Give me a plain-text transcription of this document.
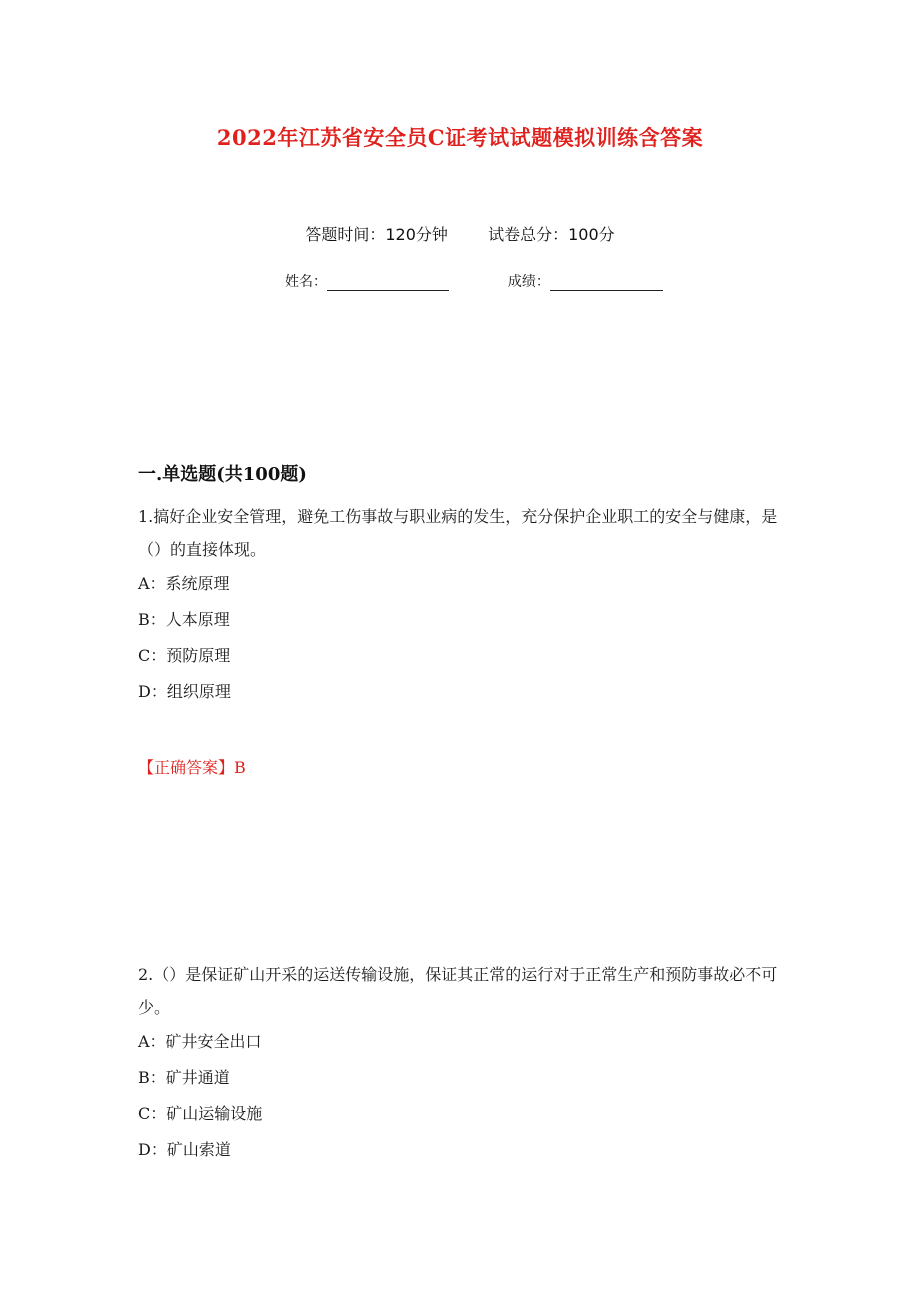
2022年江苏省安全员C证考试试题模拟训练含答案
答题时间：120分钟	试卷总分：100分
姓名：	成绩：
一.单选题(共100题)

1.搞好企业安全管理，避免工伤事故与职业病的发生，充分保护企业职工的安全与健康，是（）的直接体现。

A：系统原理

B：人本原理

C：预防原理

D：组织原理

【正确答案】B

2.（）是保证矿山开采的运送传输设施，保证其正常的运行对于正常生产和预防事故必不可少。

A：矿井安全出口

B：矿井通道

C：矿山运输设施

D：矿山索道
